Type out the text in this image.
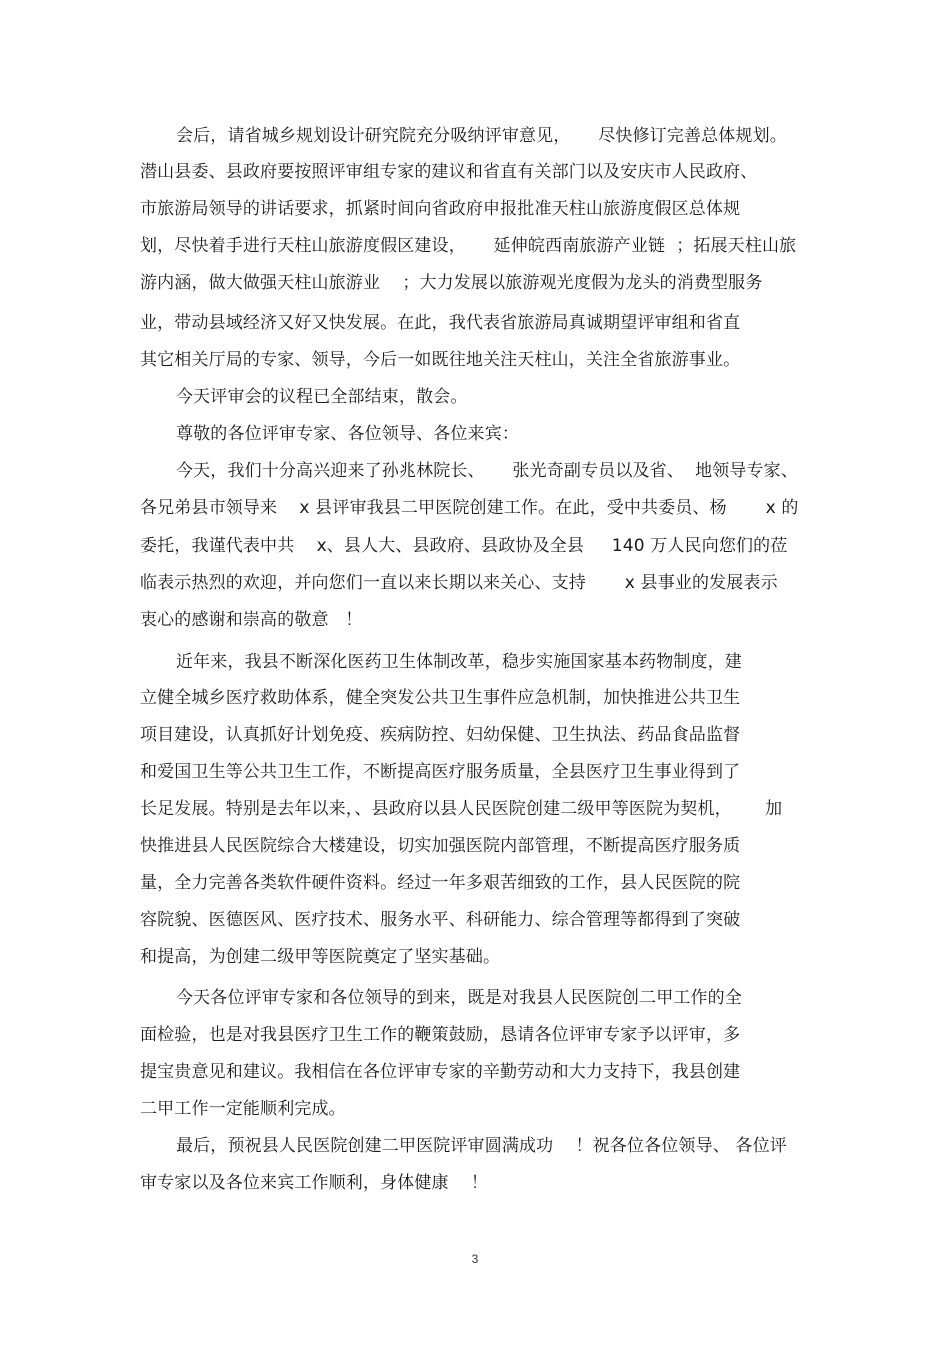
会后，请省城乡规划设计研究院充分吸纳评审意见，     尽快修订完善总体规划。
潜山县委、县政府要按照评审组专家的建议和省直有关部门以及安庆市人民政府、
市旅游局领导的讲话要求，抓紧时间向省政府申报批准天柱山旅游度假区总体规
划，尽快着手进行天柱山旅游度假区建设，     延伸皖西南旅游产业链  ；拓展天柱山旅
游内涵，做大做强天柱山旅游业    ；大力发展以旅游观光度假为龙头的消费型服务
业，带动县域经济又好又快发展。在此，我代表省旅游局真诚期望评审组和省直
其它相关厅局的专家、领导，今后一如既往地关注天柱山，关注全省旅游事业。
今天评审会的议程已全部结束，散会。
尊敬的各位评审专家、各位领导、各位来宾：
今天，我们十分高兴迎来了孙兆林院长、     张光奇副专员以及省、  地领导专家、
各兄弟县市领导来    x 县评审我县二甲医院创建工作。在此，受中共委员、杨       x 的
委托，我谨代表中共    x、县人大、县政府、县政协及全县     140 万人民向您们的莅
临表示热烈的欢迎，并向您们一直以来长期以来关心、支持       x 县事业的发展表示
衷心的感谢和崇高的敬意   ！
近年来，我县不断深化医药卫生体制改革，稳步实施国家基本药物制度，建
立健全城乡医疗救助体系，健全突发公共卫生事件应急机制，加快推进公共卫生
项目建设，认真抓好计划免疫、疾病防控、妇幼保健、卫生执法、药品食品监督
和爱国卫生等公共卫生工作，不断提高医疗服务质量，全县医疗卫生事业得到了
长足发展。特别是去年以来，、县政府以县人民医院创建二级甲等医院为契机，      加
快推进县人民医院综合大楼建设，切实加强医院内部管理，不断提高医疗服务质
量，全力完善各类软件硬件资料。经过一年多艰苦细致的工作，县人民医院的院
容院貌、医德医风、医疗技术、服务水平、科研能力、综合管理等都得到了突破
和提高，为创建二级甲等医院奠定了坚实基础。
今天各位评审专家和各位领导的到来，既是对我县人民医院创二甲工作的全
面检验，也是对我县医疗卫生工作的鞭策鼓励，恳请各位评审专家予以评审，多
提宝贵意见和建议。我相信在各位评审专家的辛勤劳动和大力支持下，我县创建
二甲工作一定能顺利完成。
最后，预祝县人民医院创建二甲医院评审圆满成功    ！祝各位各位领导、 各位评
审专家以及各位来宾工作顺利，身体健康    ！
3
